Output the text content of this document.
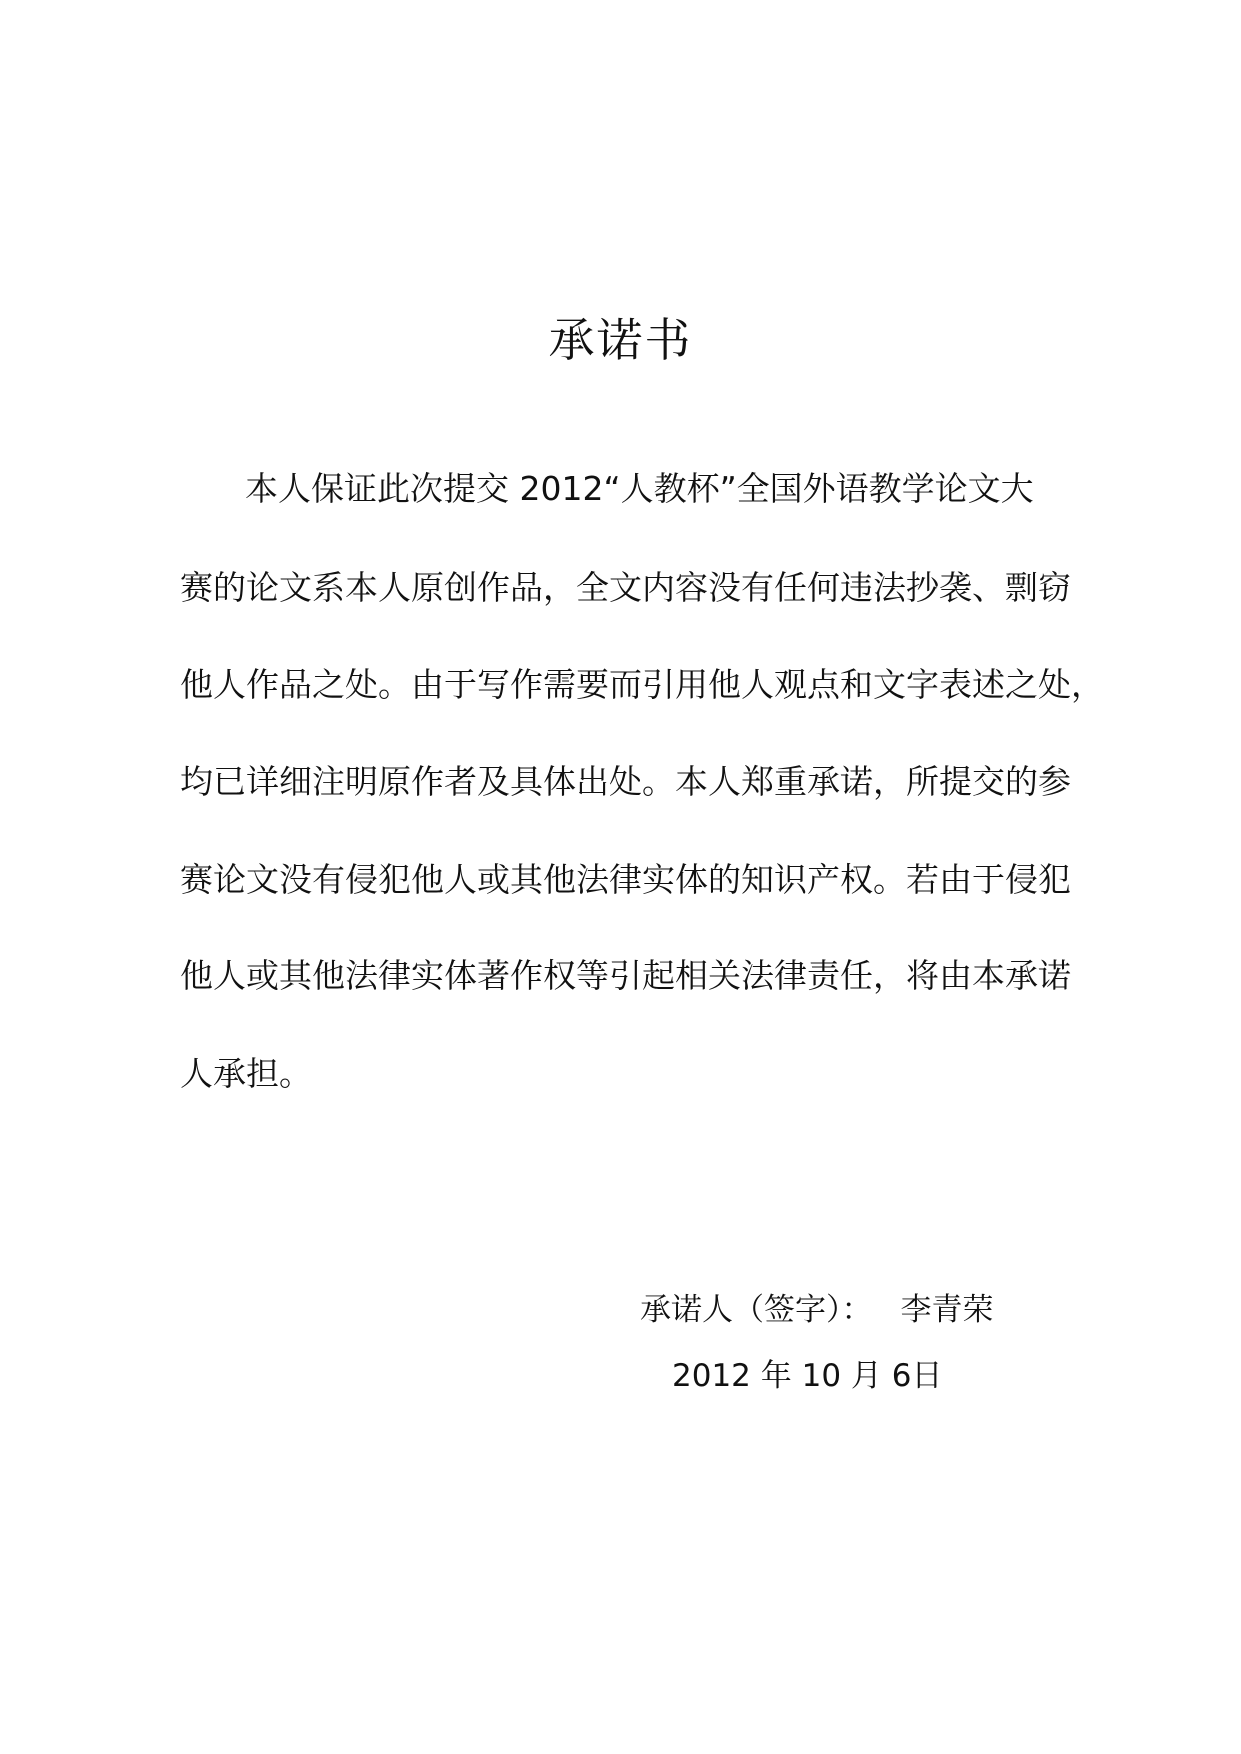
承诺书
本人保证此次提交 2012“人教杯”全国外语教学论文大
赛的论文系本人原创作品，全文内容没有任何违法抄袭、剽窃
他人作品之处。由于写作需要而引用他人观点和文字表述之处，
均已详细注明原作者及具体出处。本人郑重承诺，所提交的参
赛论文没有侵犯他人或其他法律实体的知识产权。若由于侵犯
他人或其他法律实体著作权等引起相关法律责任，将由本承诺
人承担。
承诺人（签字）： 李青荣
2012 年 10 月 6日
